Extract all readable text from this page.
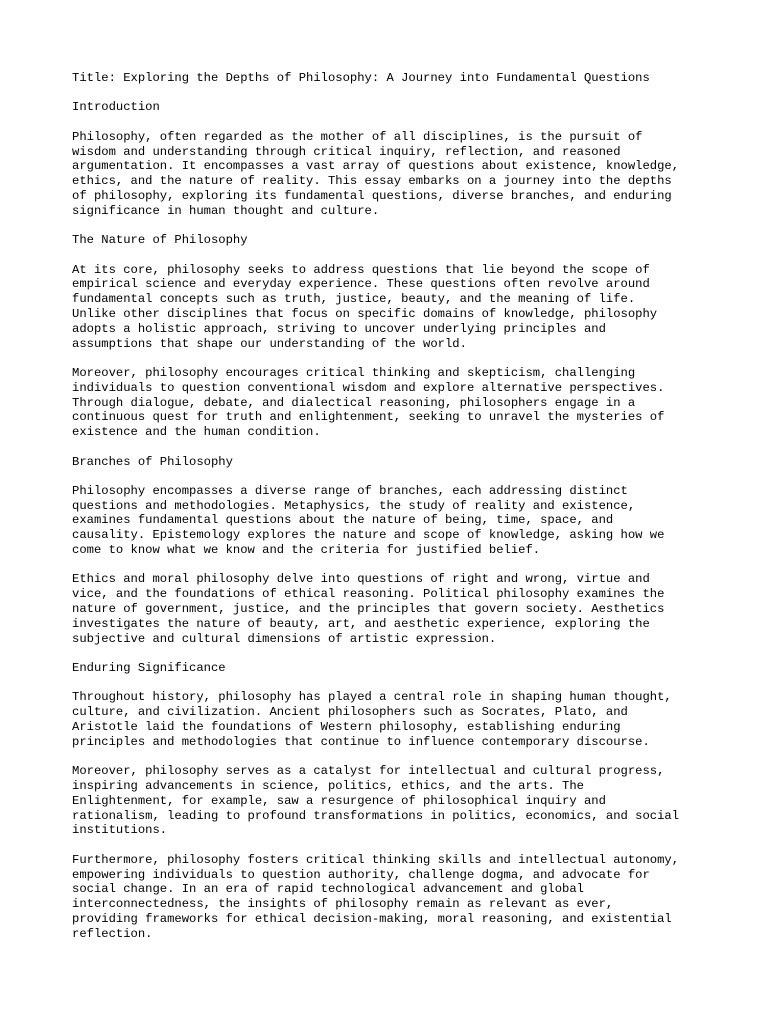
Title: Exploring the Depths of Philosophy: A Journey into Fundamental Questions
Introduction
Philosophy, often regarded as the mother of all disciplines, is the pursuit of
wisdom and understanding through critical inquiry, reflection, and reasoned
argumentation. It encompasses a vast array of questions about existence, knowledge,
ethics, and the nature of reality. This essay embarks on a journey into the depths
of philosophy, exploring its fundamental questions, diverse branches, and enduring
significance in human thought and culture.
The Nature of Philosophy
At its core, philosophy seeks to address questions that lie beyond the scope of
empirical science and everyday experience. These questions often revolve around
fundamental concepts such as truth, justice, beauty, and the meaning of life.
Unlike other disciplines that focus on specific domains of knowledge, philosophy
adopts a holistic approach, striving to uncover underlying principles and
assumptions that shape our understanding of the world.
Moreover, philosophy encourages critical thinking and skepticism, challenging
individuals to question conventional wisdom and explore alternative perspectives.
Through dialogue, debate, and dialectical reasoning, philosophers engage in a
continuous quest for truth and enlightenment, seeking to unravel the mysteries of
existence and the human condition.
Branches of Philosophy
Philosophy encompasses a diverse range of branches, each addressing distinct
questions and methodologies. Metaphysics, the study of reality and existence,
examines fundamental questions about the nature of being, time, space, and
causality. Epistemology explores the nature and scope of knowledge, asking how we
come to know what we know and the criteria for justified belief.
Ethics and moral philosophy delve into questions of right and wrong, virtue and
vice, and the foundations of ethical reasoning. Political philosophy examines the
nature of government, justice, and the principles that govern society. Aesthetics
investigates the nature of beauty, art, and aesthetic experience, exploring the
subjective and cultural dimensions of artistic expression.
Enduring Significance
Throughout history, philosophy has played a central role in shaping human thought,
culture, and civilization. Ancient philosophers such as Socrates, Plato, and
Aristotle laid the foundations of Western philosophy, establishing enduring
principles and methodologies that continue to influence contemporary discourse.
Moreover, philosophy serves as a catalyst for intellectual and cultural progress,
inspiring advancements in science, politics, ethics, and the arts. The
Enlightenment, for example, saw a resurgence of philosophical inquiry and
rationalism, leading to profound transformations in politics, economics, and social
institutions.
Furthermore, philosophy fosters critical thinking skills and intellectual autonomy,
empowering individuals to question authority, challenge dogma, and advocate for
social change. In an era of rapid technological advancement and global
interconnectedness, the insights of philosophy remain as relevant as ever,
providing frameworks for ethical decision-making, moral reasoning, and existential
reflection.
